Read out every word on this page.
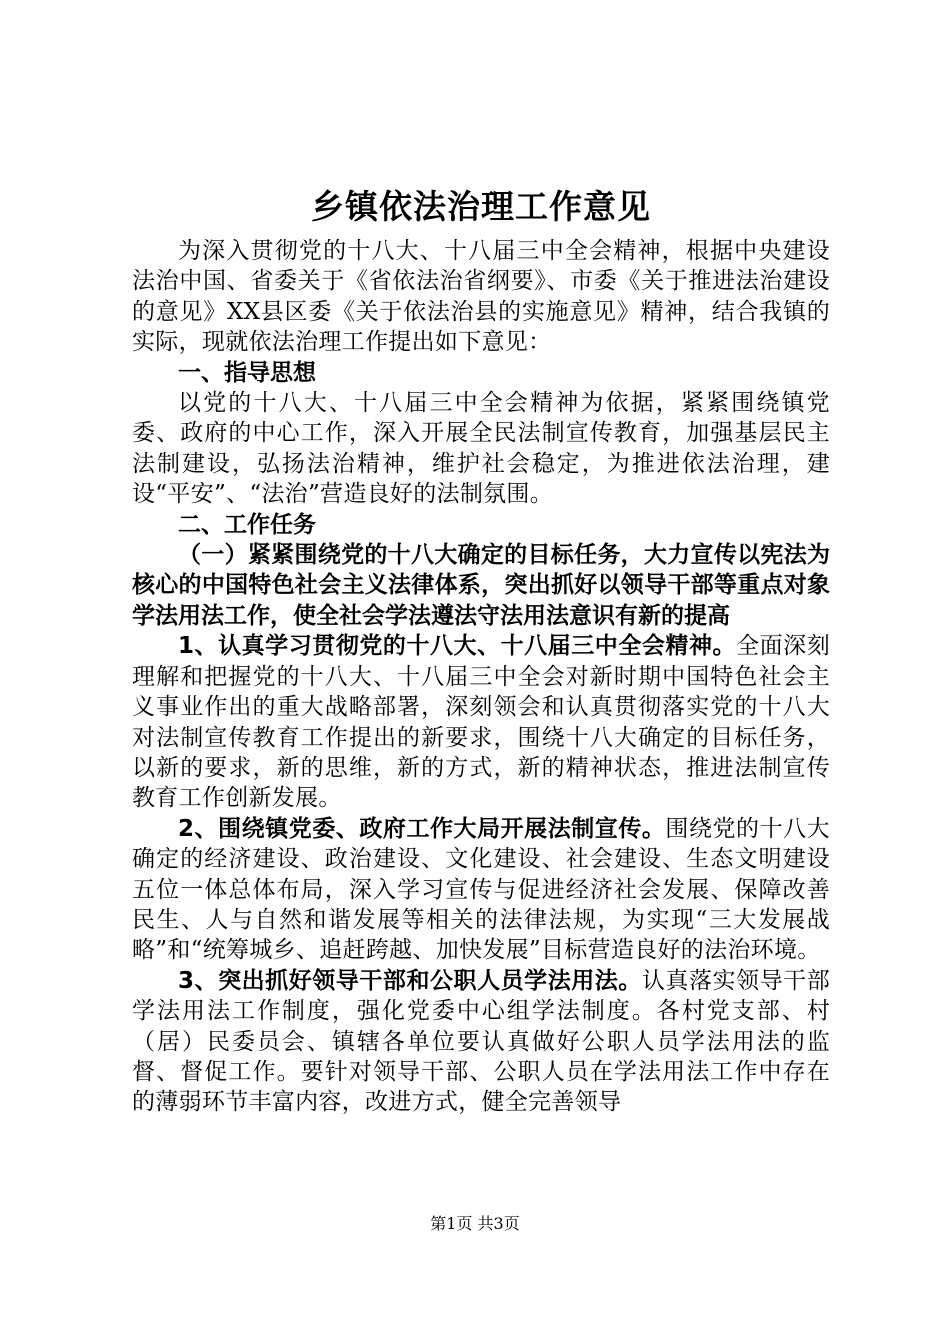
乡镇依法治理工作意见

为深入贯彻党的十八大、十八届三中全会精神，根据中央建设法治中国、省委关于《省依法治省纲要》、市委《关于推进法治建设的意见》XX县区委《关于依法治县的实施意见》精神，结合我镇的实际，现就依法治理工作提出如下意见：

一、指导思想

以党的十八大、十八届三中全会精神为依据，紧紧围绕镇党委、政府的中心工作，深入开展全民法制宣传教育，加强基层民主法制建设，弘扬法治精神，维护社会稳定，为推进依法治理，建设“平安”、“法治”营造良好的法制氛围。

二、工作任务

（一）紧紧围绕党的十八大确定的目标任务，大力宣传以宪法为核心的中国特色社会主义法律体系，突出抓好以领导干部等重点对象学法用法工作，使全社会学法遵法守法用法意识有新的提高

1、认真学习贯彻党的十八大、十八届三中全会精神。全面深刻理解和把握党的十八大、十八届三中全会对新时期中国特色社会主义事业作出的重大战略部署，深刻领会和认真贯彻落实党的十八大对法制宣传教育工作提出的新要求，围绕十八大确定的目标任务，以新的要求，新的思维，新的方式，新的精神状态，推进法制宣传教育工作创新发展。

2、围绕镇党委、政府工作大局开展法制宣传。围绕党的十八大确定的经济建设、政治建设、文化建设、社会建设、生态文明建设五位一体总体布局，深入学习宣传与促进经济社会发展、保障改善民生、人与自然和谐发展等相关的法律法规，为实现“三大发展战略”和“统筹城乡、追赶跨越、加快发展”目标营造良好的法治环境。

3、突出抓好领导干部和公职人员学法用法。认真落实领导干部学法用法工作制度，强化党委中心组学法制度。各村党支部、村（居）民委员会、镇辖各单位要认真做好公职人员学法用法的监督、督促工作。要针对领导干部、公职人员在学法用法工作中存在的薄弱环节丰富内容，改进方式，健全完善领导

第1页 共3页
